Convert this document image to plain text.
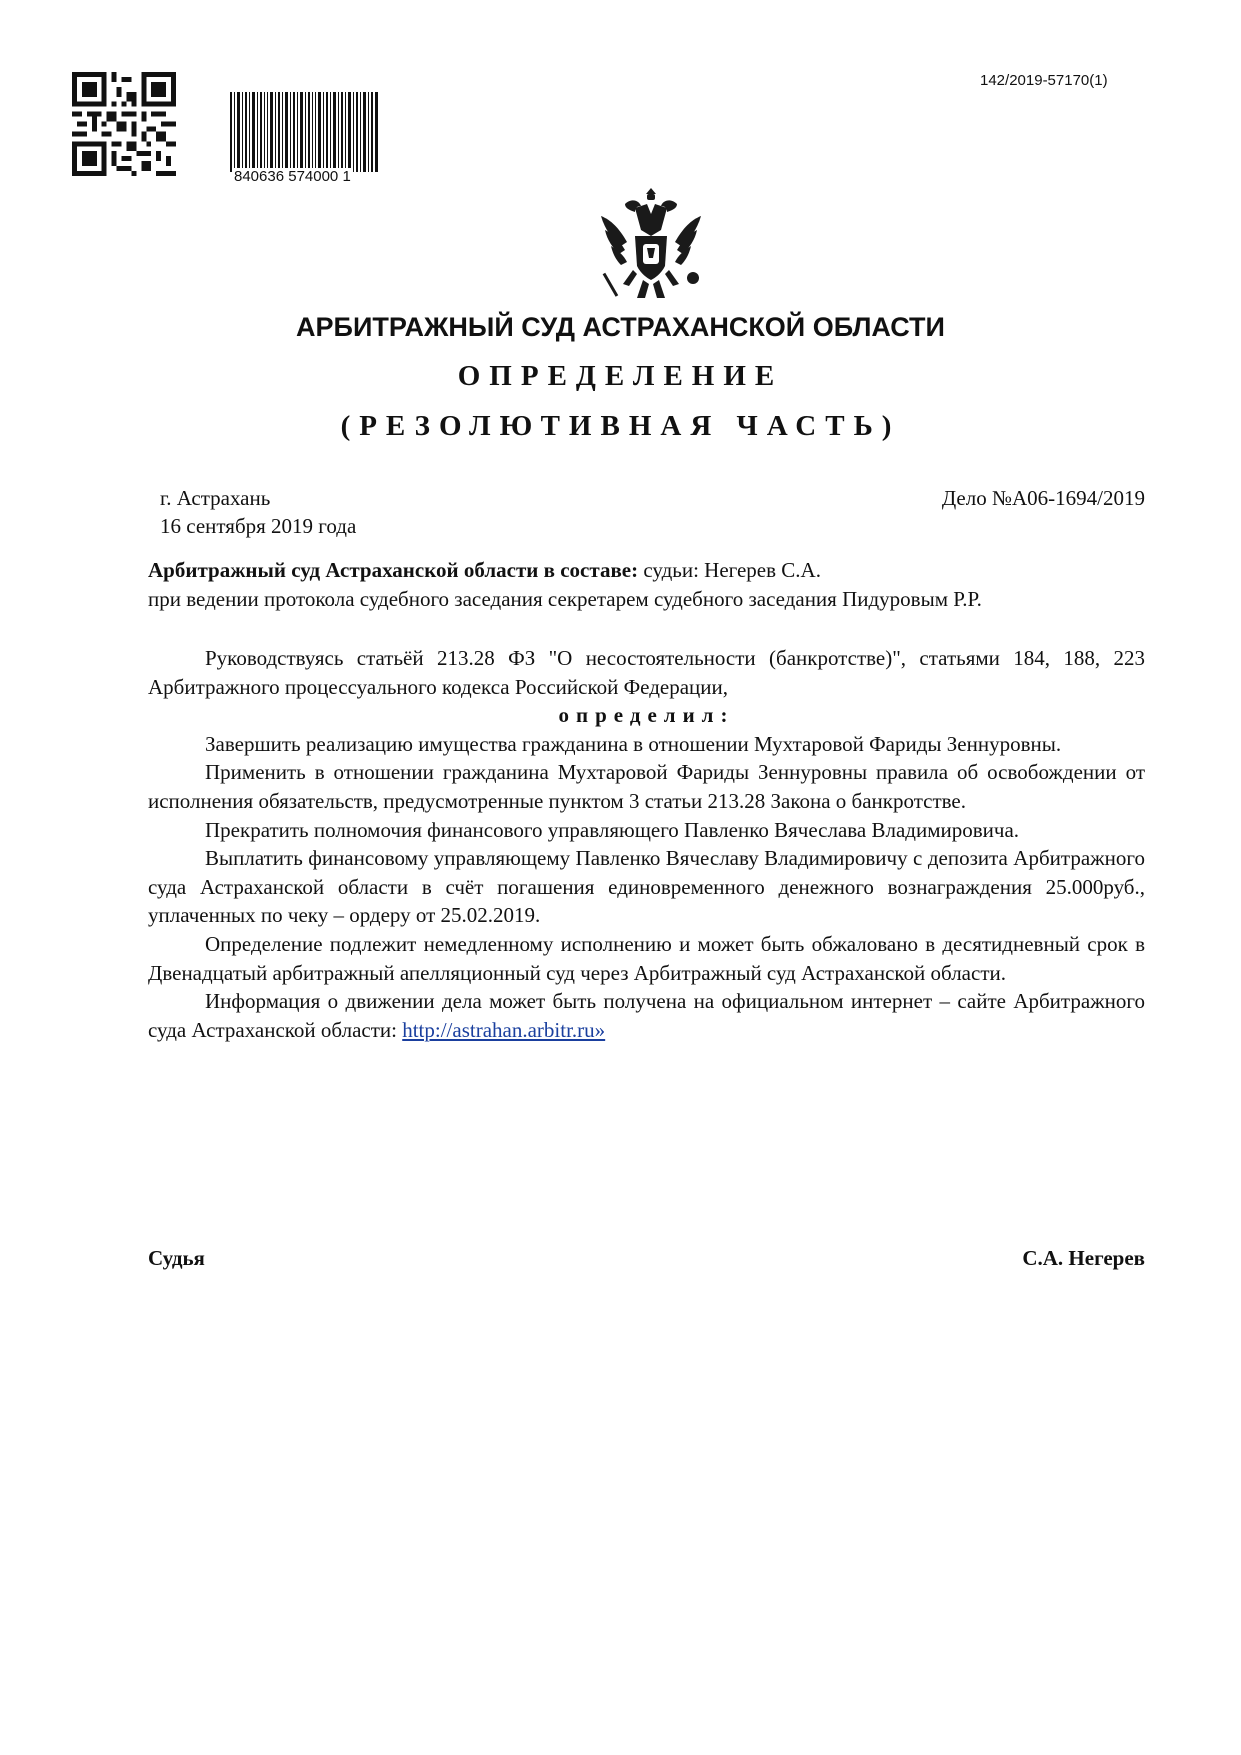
142/2019-57170(1)
840636 574000 1
АРБИТРАЖНЫЙ СУД АСТРАХАНСКОЙ ОБЛАСТИ
ОПРЕДЕЛЕНИЕ
(РЕЗОЛЮТИВНАЯ ЧАСТЬ)
г. Астрахань
16 сентября 2019 года
Дело №А06-1694/2019

Арбитражный суд Астраханской области в составе: судьи: Негерев С.А.

при ведении протокола судебного заседания секретарем судебного заседания Пидуровым Р.Р.

Руководствуясь статьёй 213.28 ФЗ "О несостоятельности (банкротстве)", статьями 184, 188, 223 Арбитражного процессуального кодекса Российской Федерации,

определил:

Завершить реализацию имущества гражданина в отношении Мухтаровой Фариды Зеннуровны.

Применить в отношении гражданина Мухтаровой Фариды Зеннуровны правила об освобождении от исполнения обязательств, предусмотренные пунктом 3 статьи 213.28 Закона о банкротстве.

Прекратить полномочия финансового управляющего Павленко Вячеслава Владимировича.

Выплатить финансовому управляющему Павленко Вячеславу Владимировичу с депозита Арбитражного суда Астраханской области в счёт погашения единовременного денежного вознаграждения 25.000руб., уплаченных по чеку – ордеру от 25.02.2019.

Определение подлежит немедленному исполнению и может быть обжаловано в десятидневный срок в Двенадцатый арбитражный апелляционный суд через Арбитражный суд Астраханской области.

Информация о движении дела может быть получена на официальном интернет – сайте Арбитражного суда Астраханской области: http://astrahan.arbitr.ru»

Судья	С.А. Негерев
